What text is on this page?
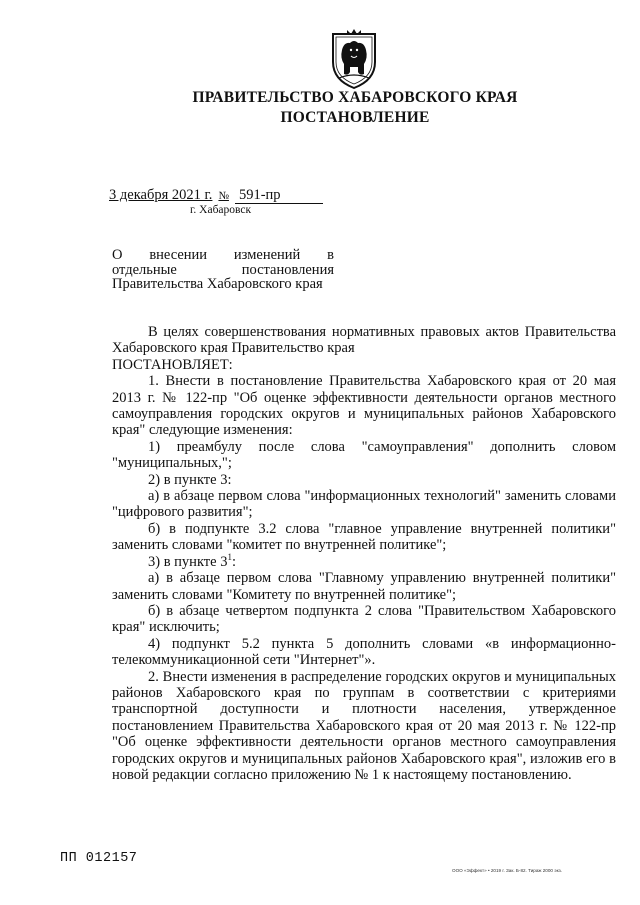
ПРАВИТЕЛЬСТВО ХАБАРОВСКОГО КРАЯ
ПОСТАНОВЛЕНИЕ
3 декабря 2021 г. № 591-пр
г. Хабаровск
О внесении изменений в
отдельные постановления
Правительства Хабаровского края

В целях совершенствования нормативных правовых актов Правительства Хабаровского края Правительство края

ПОСТАНОВЛЯЕТ:

1. Внести в постановление Правительства Хабаровского края от 20 мая 2013 г. № 122-пр "Об оценке эффективности деятельности органов местного самоуправления городских округов и муниципальных районов Хабаровского края" следующие изменения:

1) преамбулу после слова "самоуправления" дополнить словом "муниципальных,";

2) в пункте 3:

а) в абзаце первом слова "информационных технологий" заменить словами "цифрового развития";

б) в подпункте 3.2 слова "главное управление внутренней политики" заменить словами "комитет по внутренней политике";

3) в пункте $3^1$:

а) в абзаце первом слова "Главному управлению внутренней политики" заменить словами "Комитету по внутренней политике";

б) в абзаце четвертом подпункта 2 слова "Правительством Хабаровского края" исключить;

4) подпункт 5.2 пункта 5 дополнить словами «в информационно-телекоммуникационной сети "Интернет"».

2. Внести изменения в распределение городских округов и муниципальных районов Хабаровского края по группам в соответствии с критериями транспортной доступности и плотности населения, утвержденное постановлением Правительства Хабаровского края от 20 мая 2013 г. № 122-пр "Об оценке эффективности деятельности органов местного самоуправления городских округов и муниципальных районов Хабаровского края", изложив его в новой редакции согласно приложению № 1 к настоящему постановлению.

ПП 012157
ООО «Эффект» • 2019 г. Зак. Б-82. Тираж 2000 экз.
